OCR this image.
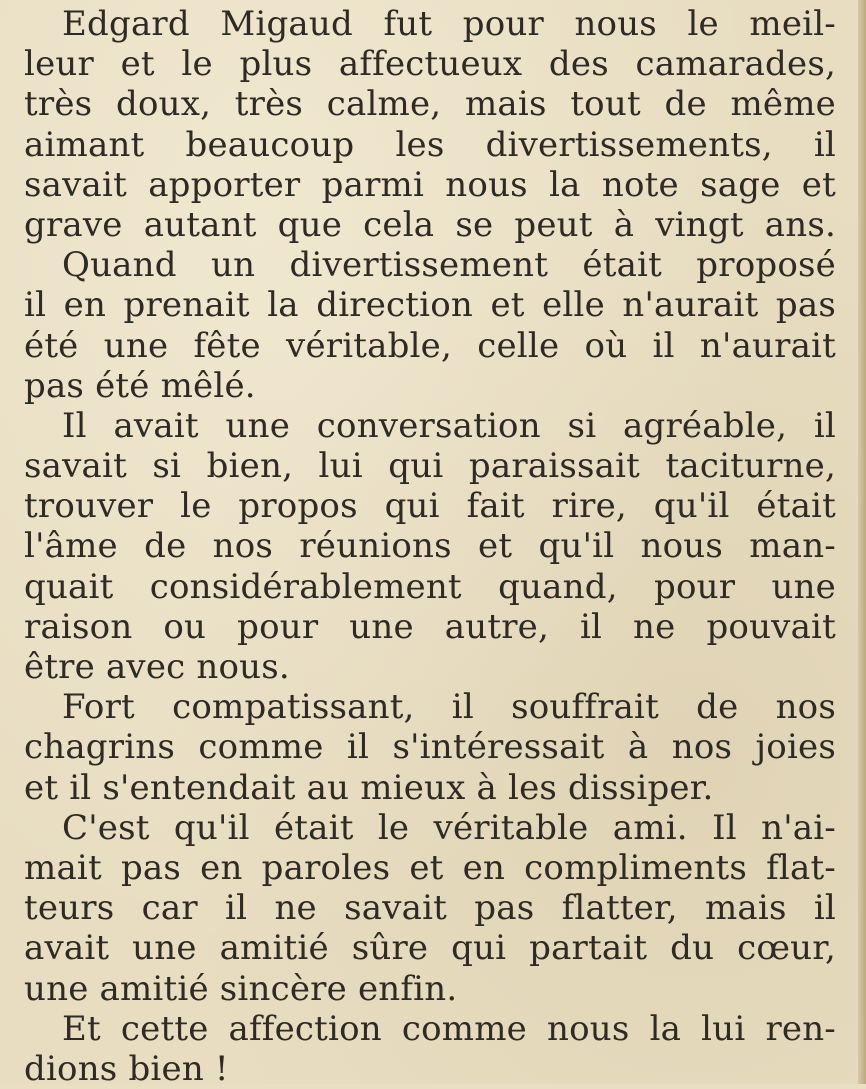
Edgard Migaud fut pour nous le meil-
leur et le plus affectueux des camarades,
très doux, très calme, mais tout de même
aimant beaucoup les divertissements, il
savait apporter parmi nous la note sage et
grave autant que cela se peut à vingt ans.
Quand un divertissement était proposé
il en prenait la direction et elle n'aurait pas
été une fête véritable, celle où il n'aurait
pas été mêlé.
Il avait une conversation si agréable, il
savait si bien, lui qui paraissait taciturne,
trouver le propos qui fait rire, qu'il était
l'âme de nos réunions et qu'il nous man-
quait considérablement quand, pour une
raison ou pour une autre, il ne pouvait
être avec nous.
Fort compatissant, il souffrait de nos
chagrins comme il s'intéressait à nos joies
et il s'entendait au mieux à les dissiper.
C'est qu'il était le véritable ami. Il n'ai-
mait pas en paroles et en compliments flat-
teurs car il ne savait pas flatter, mais il
avait une amitié sûre qui partait du cœur,
une amitié sincère enfin.
Et cette affection comme nous la lui ren-
dions bien !
